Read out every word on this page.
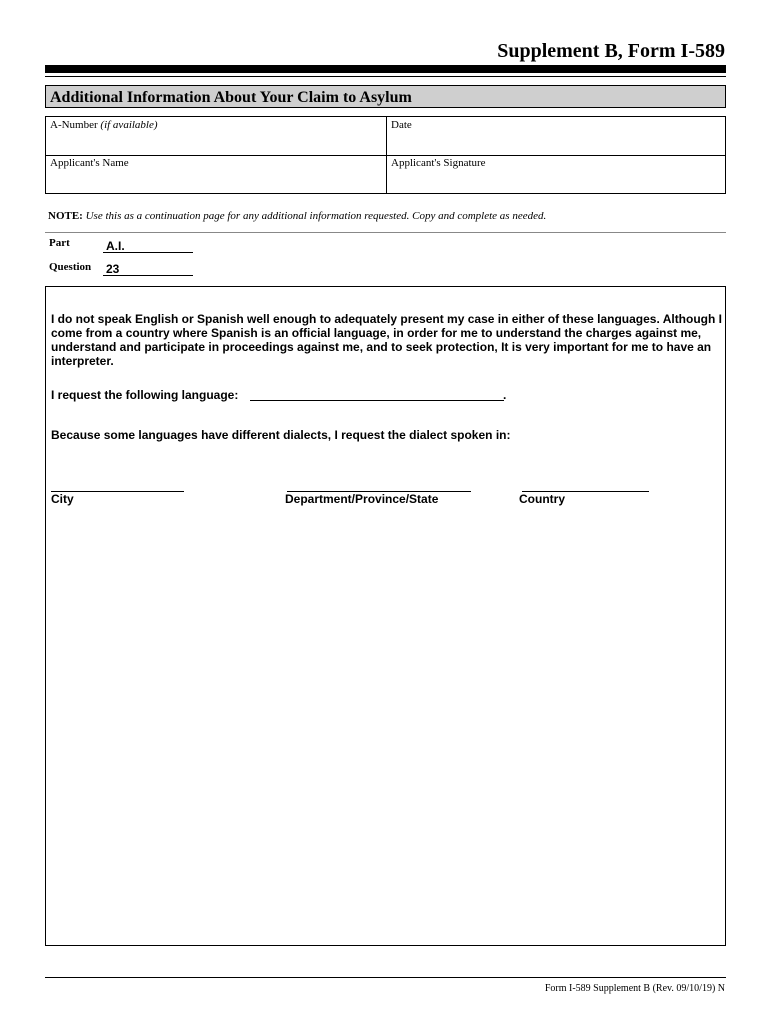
Supplement B, Form I-589
Additional Information About Your Claim to Asylum
A-Number (if available)	Date
Applicant's Name	Applicant's Signature
NOTE: Use this as a continuation page for any additional information requested. Copy and complete as needed.
Part	A.I.
Question 23
I do not speak English or Spanish well enough to adequately present my case in either of these languages. Although I
come from a country where Spanish is an official language, in order for me to understand the charges against me,
understand and participate in proceedings against me, and to seek protection, It is very important for me to have an
interpreter.
I request the following language:	.
Because some languages have different dialects, I request the dialect spoken in:
City	Department/Province/State	Country
Form I-589 Supplement B (Rev. 09/10/19) N
